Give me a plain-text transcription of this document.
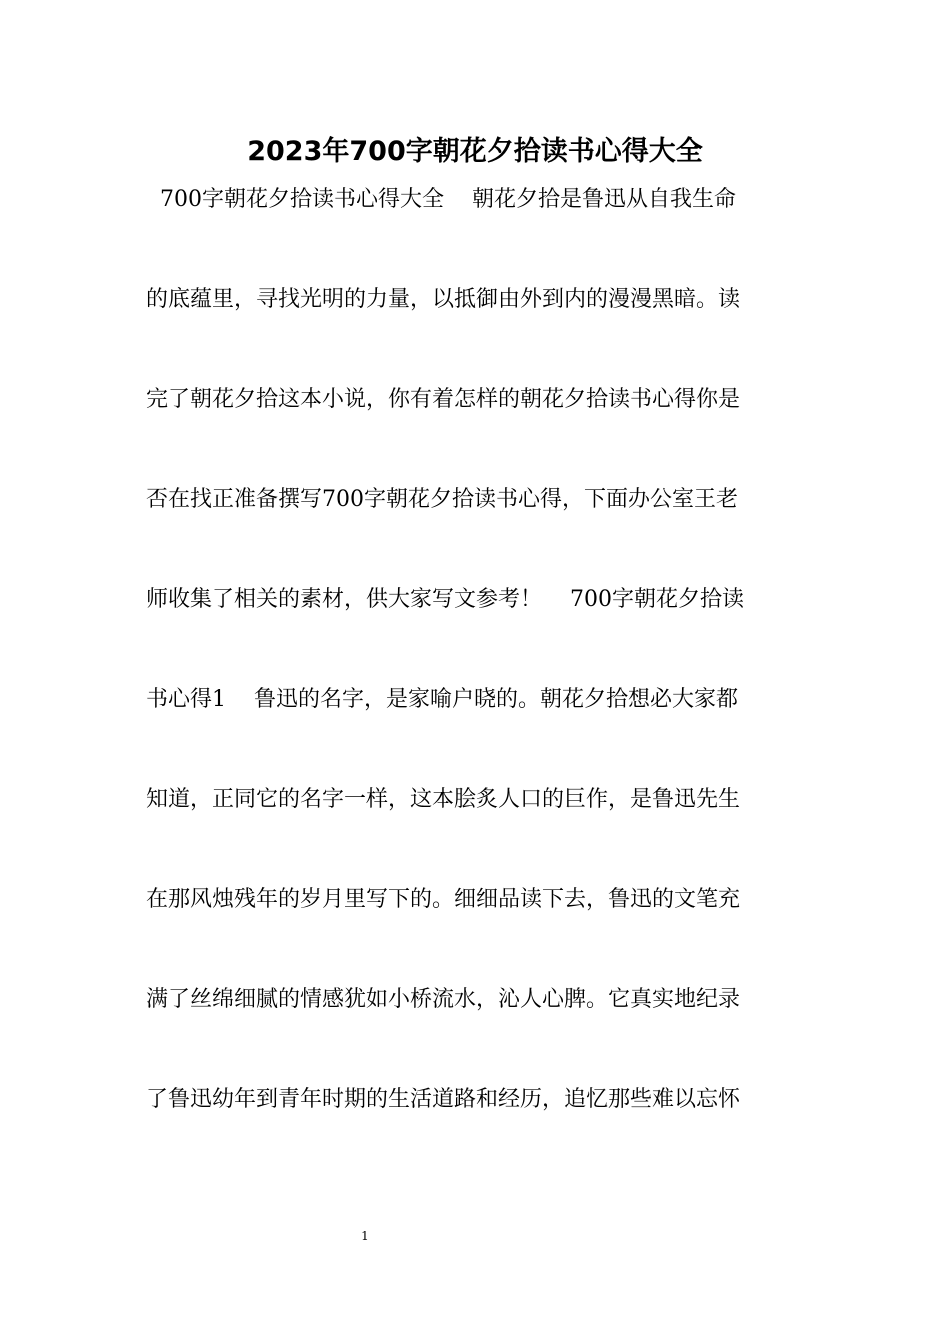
2023年700字朝花夕拾读书心得大全
700字朝花夕拾读书心得大全    朝花夕拾是鲁迅从自我生命
的底蕴里，寻找光明的力量，以抵御由外到内的漫漫黑暗。读
完了朝花夕拾这本小说，你有着怎样的朝花夕拾读书心得你是
否在找正准备撰写700字朝花夕拾读书心得，下面办公室王老
师收集了相关的素材，供大家写文参考！    700字朝花夕拾读
书心得1    鲁迅的名字，是家喻户晓的。朝花夕拾想必大家都
知道，正同它的名字一样，这本脍炙人口的巨作，是鲁迅先生
在那风烛残年的岁月里写下的。细细品读下去，鲁迅的文笔充
满了丝绵细腻的情感犹如小桥流水，沁人心脾。它真实地纪录
了鲁迅幼年到青年时期的生活道路和经历，追忆那些难以忘怀
1
